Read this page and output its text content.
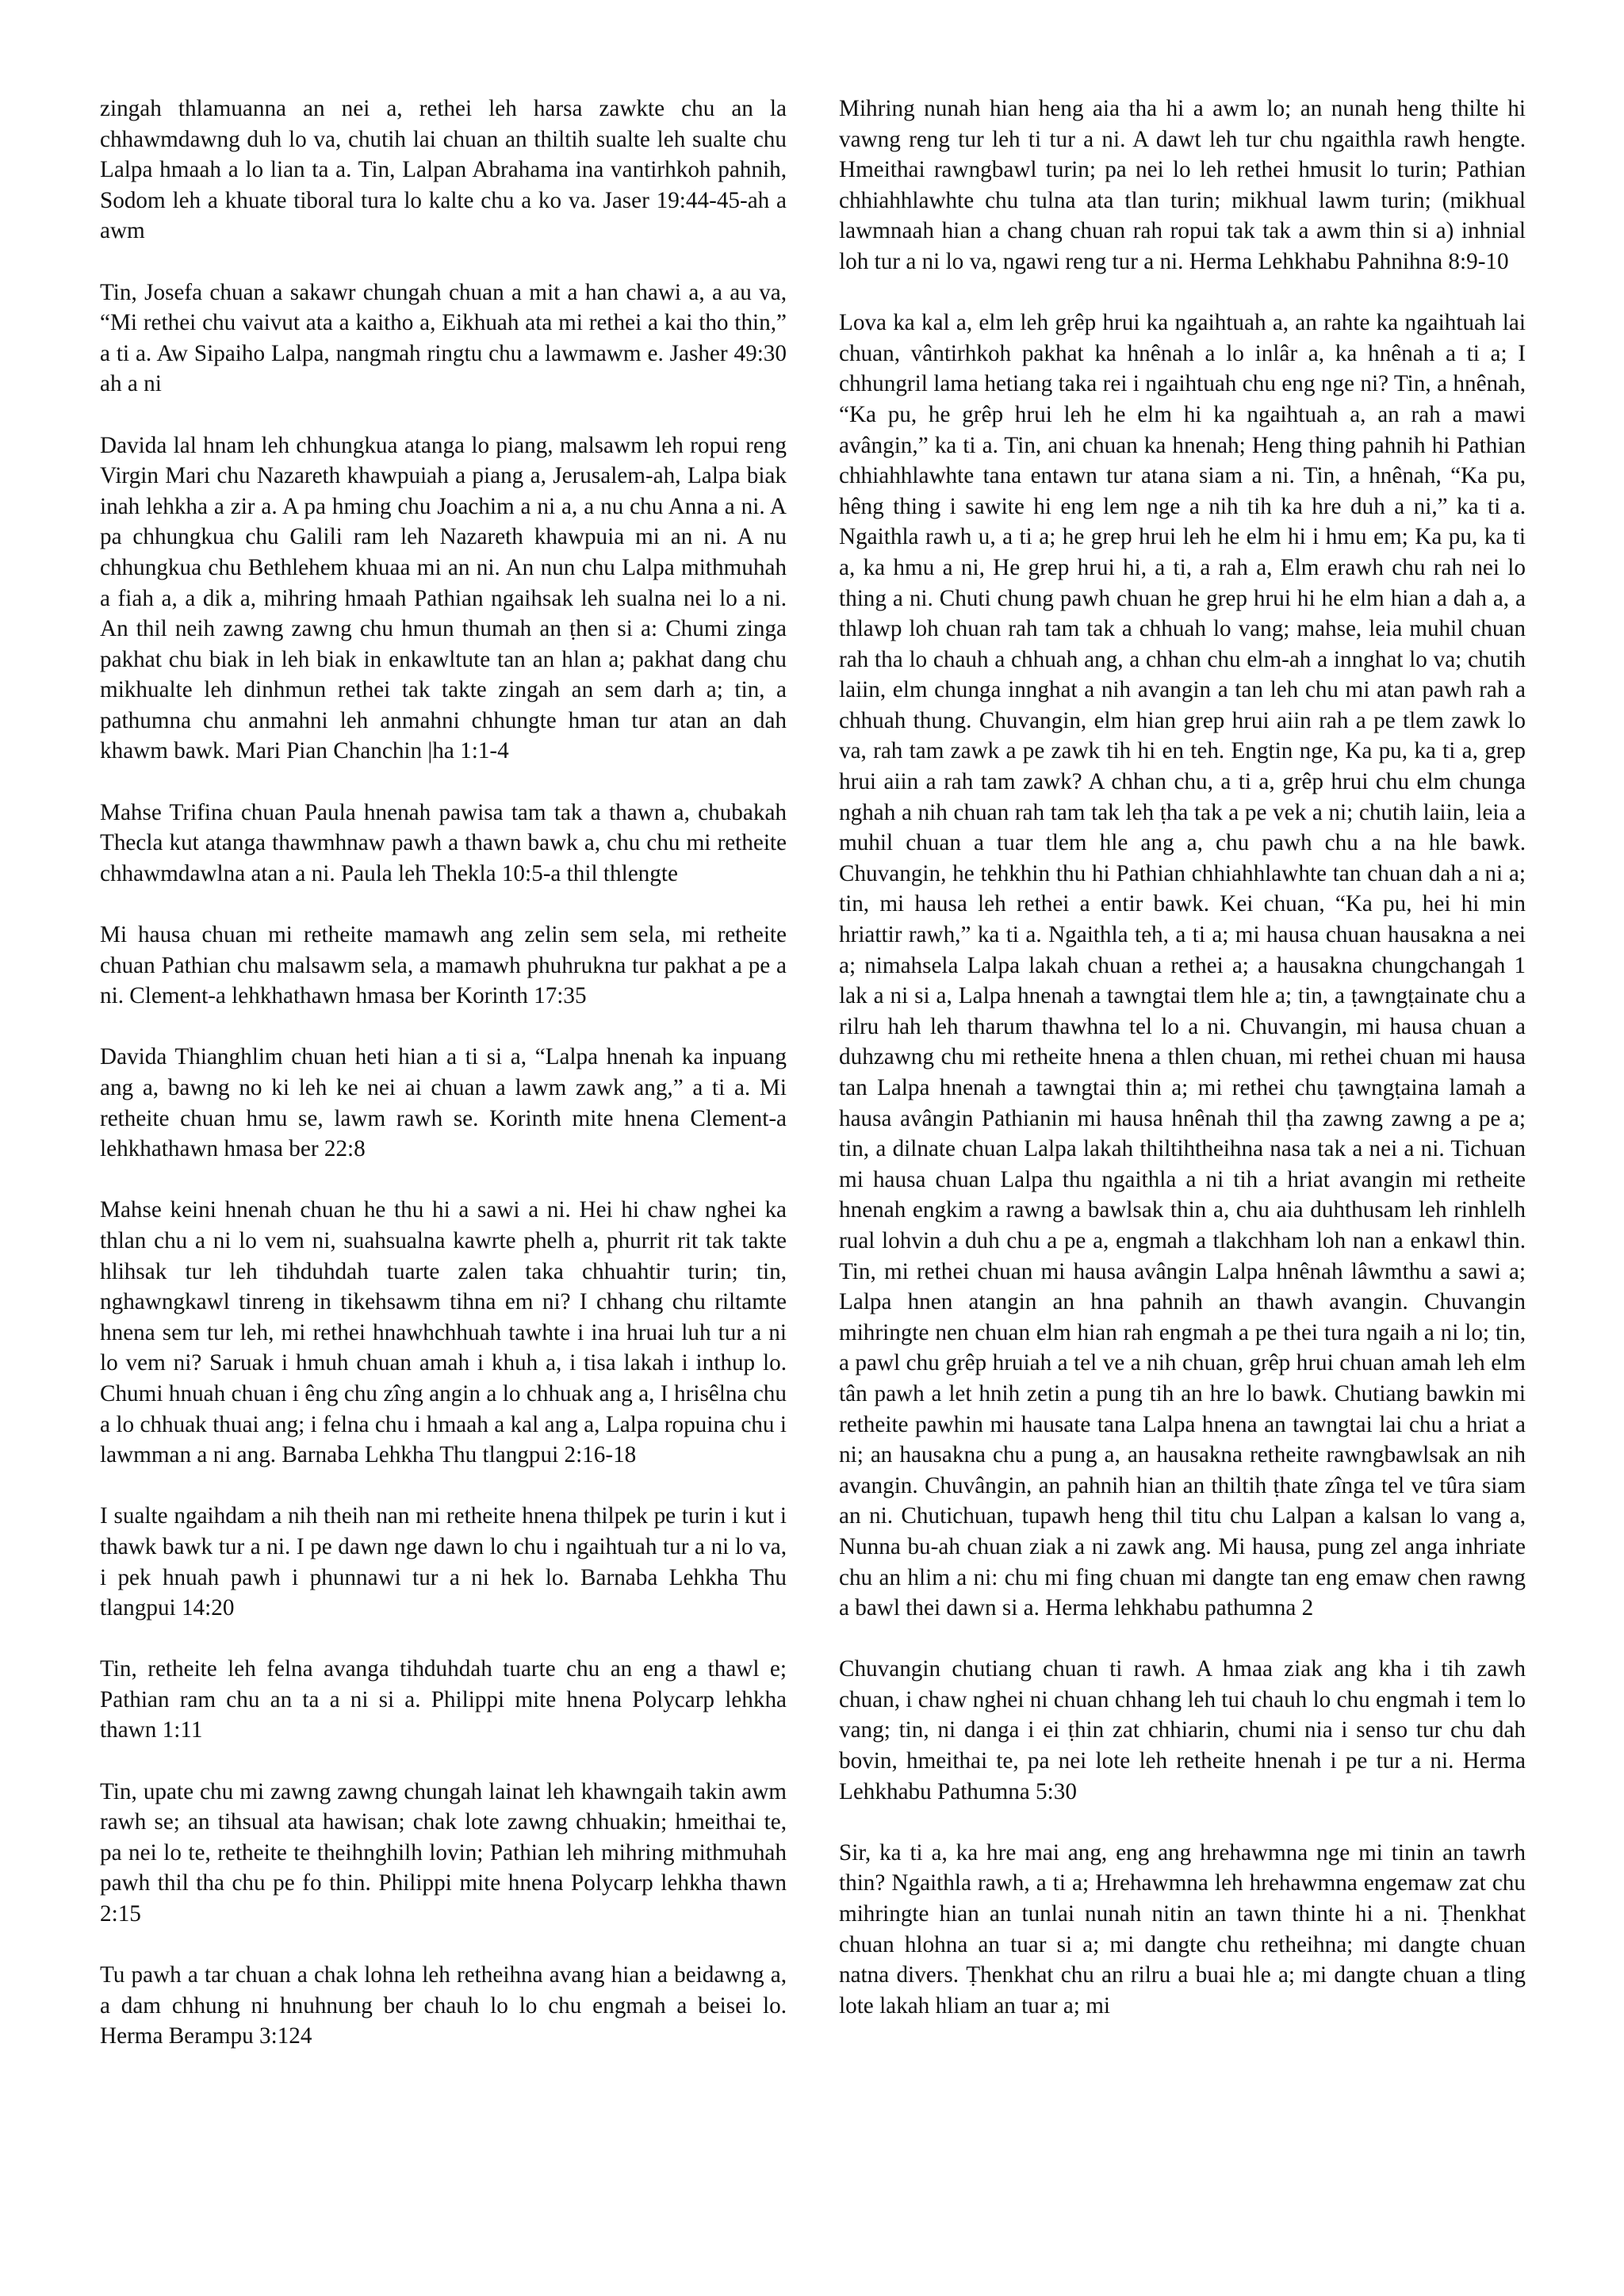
zingah thlamuanna an nei a, rethei leh harsa zawkte chu an la chhawmdawng duh lo va, chutih lai chuan an thiltih sualte leh sualte chu Lalpa hmaah a lo lian ta a. Tin, Lalpan Abrahama ina vantirhkoh pahnih, Sodom leh a khuate tiboral tura lo kalte chu a ko va. Jaser 19:44-45-ah a awm

Tin, Josefa chuan a sakawr chungah chuan a mit a han chawi a, a au va, “Mi rethei chu vaivut ata a kaitho a, Eikhuah ata mi rethei a kai tho thin,” a ti a. Aw Sipaiho Lalpa, nangmah ringtu chu a lawmawm e. Jasher 49:30 ah a ni

Davida lal hnam leh chhungkua atanga lo piang, malsawm leh ropui reng Virgin Mari chu Nazareth khawpuiah a piang a, Jerusalem-ah, Lalpa biak inah lehkha a zir a. A pa hming chu Joachim a ni a, a nu chu Anna a ni. A pa chhungkua chu Galili ram leh Nazareth khawpuia mi an ni. A nu chhungkua chu Bethlehem khuaa mi an ni. An nun chu Lalpa mithmuhah a fiah a, a dik a, mihring hmaah Pathian ngaihsak leh sualna nei lo a ni. An thil neih zawng zawng chu hmun thumah an ṭhen si a: Chumi zinga pakhat chu biak in leh biak in enkawltute tan an hlan a; pakhat dang chu mikhualte leh dinhmun rethei tak takte zingah an sem darh a; tin, a pathumna chu anmahni leh anmahni chhungte hman tur atan an dah khawm bawk. Mari Pian Chanchin |ha 1:1-4

Mahse Trifina chuan Paula hnenah pawisa tam tak a thawn a, chubakah Thecla kut atanga thawmhnaw pawh a thawn bawk a, chu chu mi retheite chhawmdawlna atan a ni. Paula leh Thekla 10:5-a thil thlengte

Mi hausa chuan mi retheite mamawh ang zelin sem sela, mi retheite chuan Pathian chu malsawm sela, a mamawh phuhrukna tur pakhat a pe a ni. Clement-a lehkhathawn hmasa ber Korinth 17:35

Davida Thianghlim chuan heti hian a ti si a, “Lalpa hnenah ka inpuang ang a, bawng no ki leh ke nei ai chuan a lawm zawk ang,” a ti a. Mi retheite chuan hmu se, lawm rawh se. Korinth mite hnena Clement-a lehkhathawn hmasa ber 22:8

Mahse keini hnenah chuan he thu hi a sawi a ni. Hei hi chaw nghei ka thlan chu a ni lo vem ni, suahsualna kawrte phelh a, phurrit rit tak takte hlihsak tur leh tihduhdah tuarte zalen taka chhuahtir turin; tin, nghawngkawl tinreng in tikehsawm tihna em ni? I chhang chu riltamte hnena sem tur leh, mi rethei hnawhchhuah tawhte i ina hruai luh tur a ni lo vem ni? Saruak i hmuh chuan amah i khuh a, i tisa lakah i inthup lo. Chumi hnuah chuan i êng chu zîng angin a lo chhuak ang a, I hrisêlna chu a lo chhuak thuai ang; i felna chu i hmaah a kal ang a, Lalpa ropuina chu i lawmman a ni ang. Barnaba Lehkha Thu tlangpui 2:16-18

I sualte ngaihdam a nih theih nan mi retheite hnena thilpek pe turin i kut i thawk bawk tur a ni. I pe dawn nge dawn lo chu i ngaihtuah tur a ni lo va, i pek hnuah pawh i phunnawi tur a ni hek lo. Barnaba Lehkha Thu tlangpui 14:20

Tin, retheite leh felna avanga tihduhdah tuarte chu an eng a thawl e; Pathian ram chu an ta a ni si a. Philippi mite hnena Polycarp lehkha thawn 1:11

Tin, upate chu mi zawng zawng chungah lainat leh khawngaih takin awm rawh se; an tihsual ata hawisan; chak lote zawng chhuakin; hmeithai te, pa nei lo te, retheite te theihnghilh lovin; Pathian leh mihring mithmuhah pawh thil tha chu pe fo thin. Philippi mite hnena Polycarp lehkha thawn 2:15

Tu pawh a tar chuan a chak lohna leh retheihna avang hian a beidawng a, a dam chhung ni hnuhnung ber chauh lo lo chu engmah a beisei lo. Herma Berampu 3:124

Mihring nunah hian heng aia tha hi a awm lo; an nunah heng thilte hi vawng reng tur leh ti tur a ni. A dawt leh tur chu ngaithla rawh hengte. Hmeithai rawngbawl turin; pa nei lo leh rethei hmusit lo turin; Pathian chhiahhlawhte chu tulna ata tlan turin; mikhual lawm turin; (mikhual lawmnaah hian a chang chuan rah ropui tak tak a awm thin si a) inhnial loh tur a ni lo va, ngawi reng tur a ni. Herma Lehkhabu Pahnihna 8:9-10

Lova ka kal a, elm leh grêp hrui ka ngaihtuah a, an rahte ka ngaihtuah lai chuan, vântirhkoh pakhat ka hnênah a lo inlâr a, ka hnênah a ti a; I chhungril lama hetiang taka rei i ngaihtuah chu eng nge ni? Tin, a hnênah, “Ka pu, he grêp hrui leh he elm hi ka ngaihtuah a, an rah a mawi avângin,” ka ti a. Tin, ani chuan ka hnenah; Heng thing pahnih hi Pathian chhiahhlawhte tana entawn tur atana siam a ni. Tin, a hnênah, “Ka pu, hêng thing i sawite hi eng lem nge a nih tih ka hre duh a ni,” ka ti a. Ngaithla rawh u, a ti a; he grep hrui leh he elm hi i hmu em; Ka pu, ka ti a, ka hmu a ni, He grep hrui hi, a ti, a rah a, Elm erawh chu rah nei lo thing a ni. Chuti chung pawh chuan he grep hrui hi he elm hian a dah a, a thlawp loh chuan rah tam tak a chhuah lo vang; mahse, leia muhil chuan rah tha lo chauh a chhuah ang, a chhan chu elm-ah a innghat lo va; chutih laiin, elm chunga innghat a nih avangin a tan leh chu mi atan pawh rah a chhuah thung. Chuvangin, elm hian grep hrui aiin rah a pe tlem zawk lo va, rah tam zawk a pe zawk tih hi en teh. Engtin nge, Ka pu, ka ti a, grep hrui aiin a rah tam zawk? A chhan chu, a ti a, grêp hrui chu elm chunga nghah a nih chuan rah tam tak leh ṭha tak a pe vek a ni; chutih laiin, leia a muhil chuan a tuar tlem hle ang a, chu pawh chu a na hle bawk. Chuvangin, he tehkhin thu hi Pathian chhiahhlawhte tan chuan dah a ni a; tin, mi hausa leh rethei a entir bawk. Kei chuan, “Ka pu, hei hi min hriattir rawh,” ka ti a. Ngaithla teh, a ti a; mi hausa chuan hausakna a nei a; nimahsela Lalpa lakah chuan a rethei a; a hausakna chungchangah 1 lak a ni si a, Lalpa hnenah a tawngtai tlem hle a; tin, a ṭawngṭainate chu a rilru hah leh tharum thawhna tel lo a ni. Chuvangin, mi hausa chuan a duhzawng chu mi retheite hnena a thlen chuan, mi rethei chuan mi hausa tan Lalpa hnenah a tawngtai thin a; mi rethei chu ṭawngṭaina lamah a hausa avângin Pathianin mi hausa hnênah thil ṭha zawng zawng a pe a; tin, a dilnate chuan Lalpa lakah thiltihtheihna nasa tak a nei a ni. Tichuan mi hausa chuan Lalpa thu ngaithla a ni tih a hriat avangin mi retheite hnenah engkim a rawng a bawlsak thin a, chu aia duhthusam leh rinhlelh rual lohvin a duh chu a pe a, engmah a tlakchham loh nan a enkawl thin. Tin, mi rethei chuan mi hausa avângin Lalpa hnênah lâwmthu a sawi a; Lalpa hnen atangin an hna pahnih an thawh avangin. Chuvangin mihringte nen chuan elm hian rah engmah a pe thei tura ngaih a ni lo; tin, a pawl chu grêp hruiah a tel ve a nih chuan, grêp hrui chuan amah leh elm tân pawh a let hnih zetin a pung tih an hre lo bawk. Chutiang bawkin mi retheite pawhin mi hausate tana Lalpa hnena an tawngtai lai chu a hriat a ni; an hausakna chu a pung a, an hausakna retheite rawngbawlsak an nih avangin. Chuvângin, an pahnih hian an thiltih ṭhate zînga tel ve tûra siam an ni. Chutichuan, tupawh heng thil titu chu Lalpan a kalsan lo vang a, Nunna bu-ah chuan ziak a ni zawk ang. Mi hausa, pung zel anga inhriate chu an hlim a ni: chu mi fing chuan mi dangte tan eng emaw chen rawng a bawl thei dawn si a. Herma lehkhabu pathumna 2

Chuvangin chutiang chuan ti rawh. A hmaa ziak ang kha i tih zawh chuan, i chaw nghei ni chuan chhang leh tui chauh lo chu engmah i tem lo vang; tin, ni danga i ei ṭhin zat chhiarin, chumi nia i senso tur chu dah bovin, hmeithai te, pa nei lote leh retheite hnenah i pe tur a ni. Herma Lehkhabu Pathumna 5:30

Sir, ka ti a, ka hre mai ang, eng ang hrehawmna nge mi tinin an tawrh thin? Ngaithla rawh, a ti a; Hrehawmna leh hrehawmna engemaw zat chu mihringte hian an tunlai nunah nitin an tawn thinte hi a ni. Ṭhenkhat chuan hlohna an tuar si a; mi dangte chu retheihna; mi dangte chuan natna divers. Ṭhenkhat chu an rilru a buai hle a; mi dangte chuan a tling lote lakah hliam an tuar a; mi
